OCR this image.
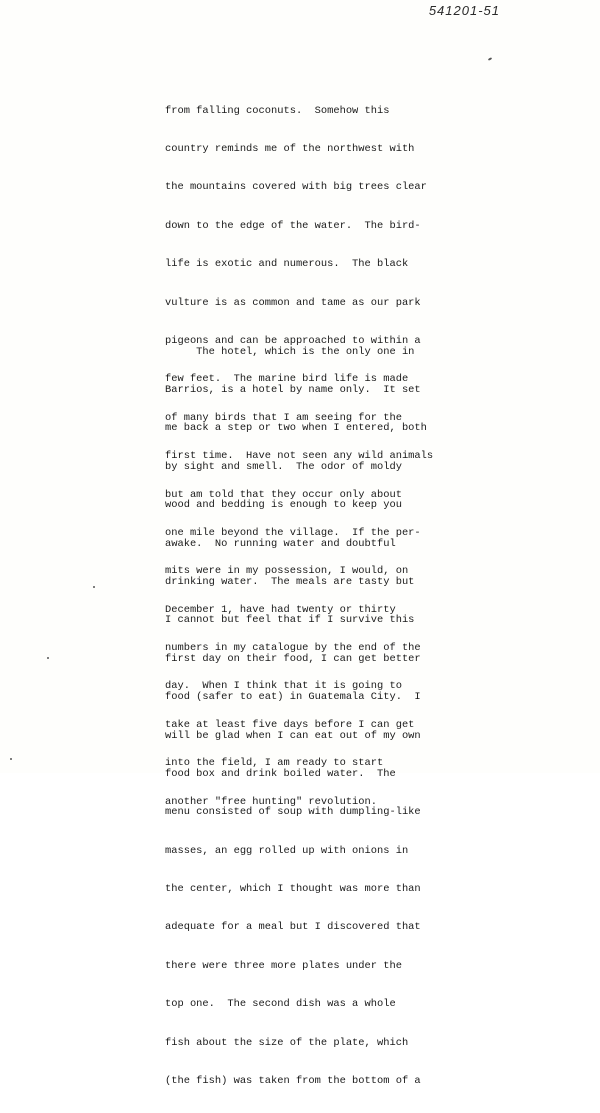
541201-51

from falling coconuts.  Somehow this

country reminds me of the northwest with

the mountains covered with big trees clear

down to the edge of the water.  The bird-

life is exotic and numerous.  The black

vulture is as common and tame as our park

pigeons and can be approached to within a

few feet.  The marine bird life is made

of many birds that I am seeing for the

first time.  Have not seen any wild animals

but am told that they occur only about

one mile beyond the village.  If the per-

mits were in my possession, I would, on

December 1, have had twenty or thirty

numbers in my catalogue by the end of the

day.  When I think that it is going to

take at least five days before I can get

into the field, I am ready to start

another "free hunting" revolution.

The hotel, which is the only one in

Barrios, is a hotel by name only.  It set

me back a step or two when I entered, both

by sight and smell.  The odor of moldy

wood and bedding is enough to keep you

awake.  No running water and doubtful

drinking water.  The meals are tasty but

I cannot but feel that if I survive this

first day on their food, I can get better

food (safer to eat) in Guatemala City.  I

will be glad when I can eat out of my own

food box and drink boiled water.  The

menu consisted of soup with dumpling-like

masses, an egg rolled up with onions in

the center, which I thought was more than

adequate for a meal but I discovered that

there were three more plates under the

top one.  The second dish was a whole

fish about the size of the plate, which

(the fish) was taken from the bottom of a
